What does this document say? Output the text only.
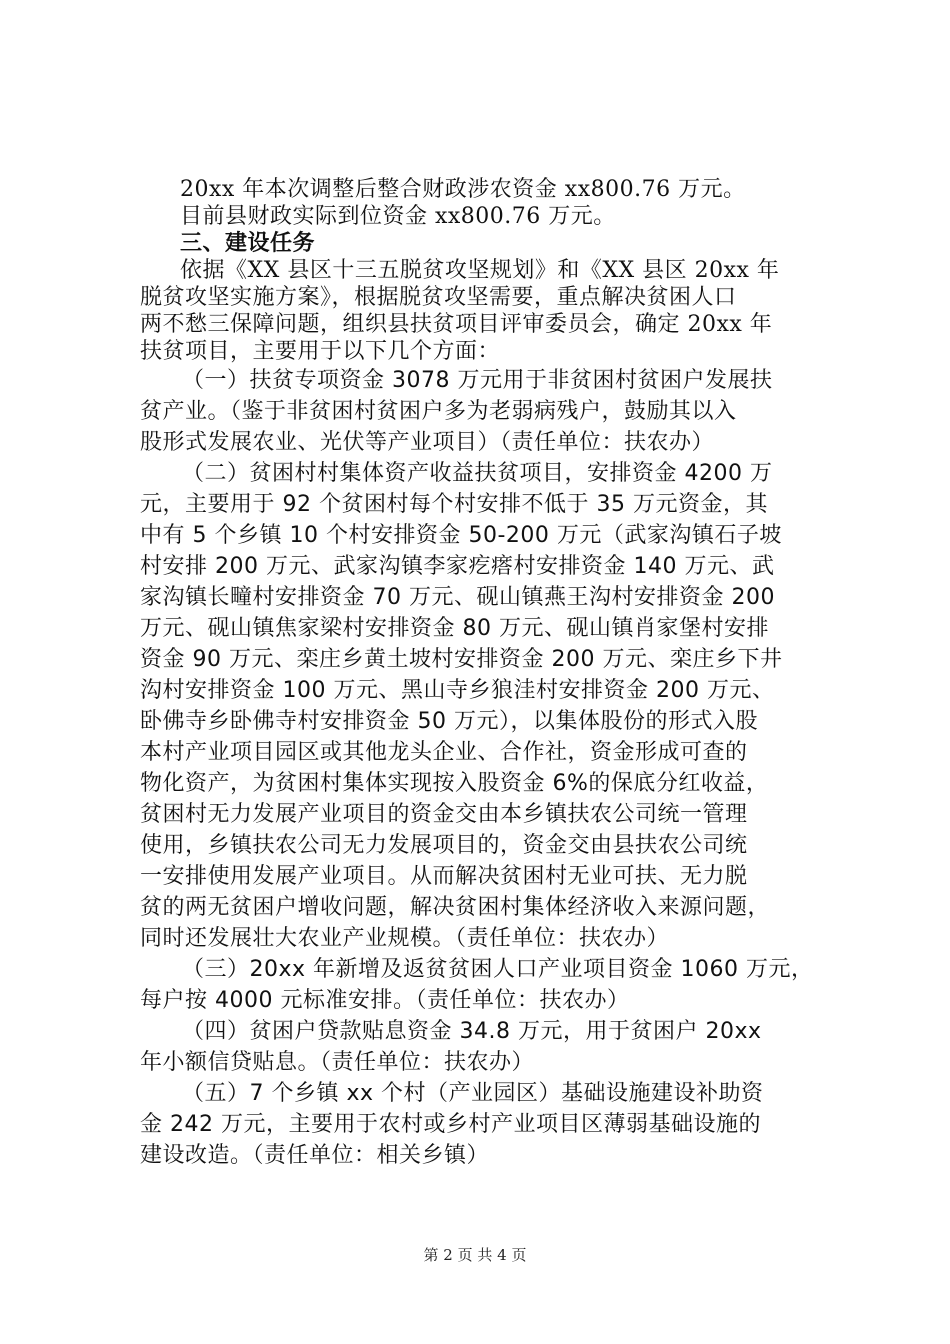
20xx 年本次调整后整合财政涉农资金 xx800.76 万元。
目前县财政实际到位资金 xx800.76 万元。
三、建设任务
依据《XX 县区十三五脱贫攻坚规划》和《XX 县区 20xx 年
脱贫攻坚实施方案》，根据脱贫攻坚需要，重点解决贫困人口
两不愁三保障问题，组织县扶贫项目评审委员会，确定 20xx 年
扶贫项目，主要用于以下几个方面：
（一）扶贫专项资金 3078 万元用于非贫困村贫困户发展扶
贫产业。（鉴于非贫困村贫困户多为老弱病残户，鼓励其以入
股形式发展农业、光伏等产业项目）（责任单位：扶农办）
（二）贫困村村集体资产收益扶贫项目，安排资金 4200 万
元，主要用于 92 个贫困村每个村安排不低于 35 万元资金，其
中有 5 个乡镇 10 个村安排资金 50-200 万元（武家沟镇石子坡
村安排 200 万元、武家沟镇李家疙瘩村安排资金 140 万元、武
家沟镇长疃村安排资金 70 万元、砚山镇燕王沟村安排资金 200
万元、砚山镇焦家梁村安排资金 80 万元、砚山镇肖家堡村安排
资金 90 万元、栾庄乡黄土坡村安排资金 200 万元、栾庄乡下井
沟村安排资金 100 万元、黑山寺乡狼洼村安排资金 200 万元、
卧佛寺乡卧佛寺村安排资金 50 万元），以集体股份的形式入股
本村产业项目园区或其他龙头企业、合作社，资金形成可查的
物化资产，为贫困村集体实现按入股资金 6%的保底分红收益，
贫困村无力发展产业项目的资金交由本乡镇扶农公司统一管理
使用，乡镇扶农公司无力发展项目的，资金交由县扶农公司统
一安排使用发展产业项目。从而解决贫困村无业可扶、无力脱
贫的两无贫困户增收问题，解决贫困村集体经济收入来源问题，
同时还发展壮大农业产业规模。（责任单位：扶农办）
（三）20xx 年新增及返贫贫困人口产业项目资金 1060 万元，
每户按 4000 元标准安排。（责任单位：扶农办）
（四）贫困户贷款贴息资金 34.8 万元，用于贫困户 20xx
年小额信贷贴息。（责任单位：扶农办）
（五）7 个乡镇 xx 个村（产业园区）基础设施建设补助资
金 242 万元，主要用于农村或乡村产业项目区薄弱基础设施的
建设改造。（责任单位：相关乡镇）
第 2 页 共 4 页
